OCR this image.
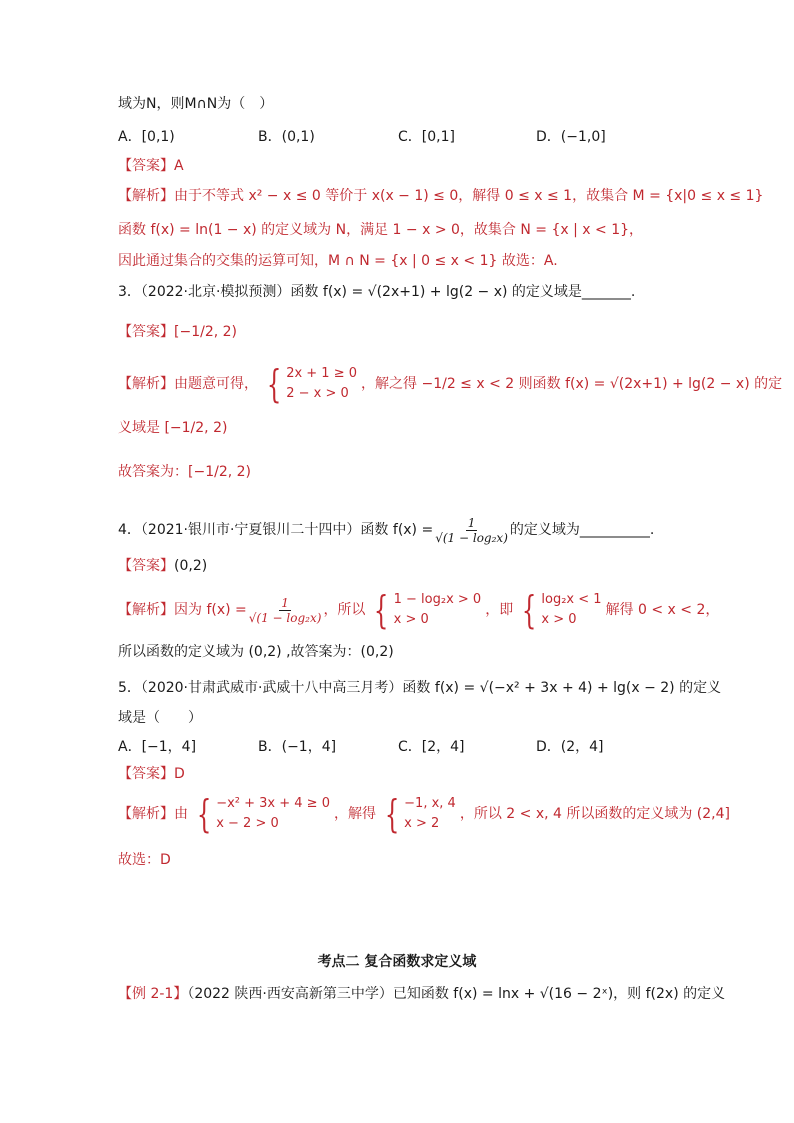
域为N，则M∩N为（　）
A．[0,1)	B．(0,1)	C．[0,1]	D．(−1,0]
【答案】A
【解析】由于不等式 x² − x ≤ 0 等价于 x(x − 1) ≤ 0，解得 0 ≤ x ≤ 1，故集合 M = {x|0 ≤ x ≤ 1}
函数 f(x) = ln(1 − x) 的定义域为 N，满足 1 − x > 0，故集合 N = {x | x < 1}，
因此通过集合的交集的运算可知，M ∩ N = {x | 0 ≤ x < 1} 故选：A.
3．（2022·北京·模拟预测）函数 f(x) = √(2x+1) + lg(2 − x) 的定义域是_______.
【答案】[−1/2, 2)
【解析】由题意可得， { 2x + 1 ≥ 0
2 − x > 0
，解之得 −1/2 ≤ x < 2 则函数 f(x) = √(2x+1) + lg(2 − x) 的定
义域是 [−1/2, 2)
故答案为：[−1/2, 2)
4．（2021·银川市·宁夏银川二十四中）函数 $f(x) = \frac{1}{\text{√(1 − log₂x)}}$ 的定义域为__________.
【答案】(0,2)
【解析】因为 $f(x) = \frac{1}{\text{√(1 − log₂x)}}$ ，所以 { 1 − log₂x > 0
x > 0
，即 { log₂x < 1
x > 0
解得 0 < x < 2，
所以函数的定义域为 (0,2) ,故答案为：(0,2)
5．（2020·甘肃武威市·武威十八中高三月考）函数 f(x) = √(−x² + 3x + 4) + lg(x − 2) 的定义
域是（　　）
A．[−1，4]	B．(−1，4]	C．[2，4]	D．(2，4]
【答案】D
【解析】由 { −x² + 3x + 4 ≥ 0
x − 2 > 0
，解得 { −1, x, 4
x > 2
，所以 2 < x, 4 所以函数的定义域为 (2,4]
故选：D
考点二 复合函数求定义域
【例 2-1】（2022 陕西·西安高新第三中学）已知函数 f(x) = lnx + √(16 − 2ˣ)，则 f(2x) 的定义
